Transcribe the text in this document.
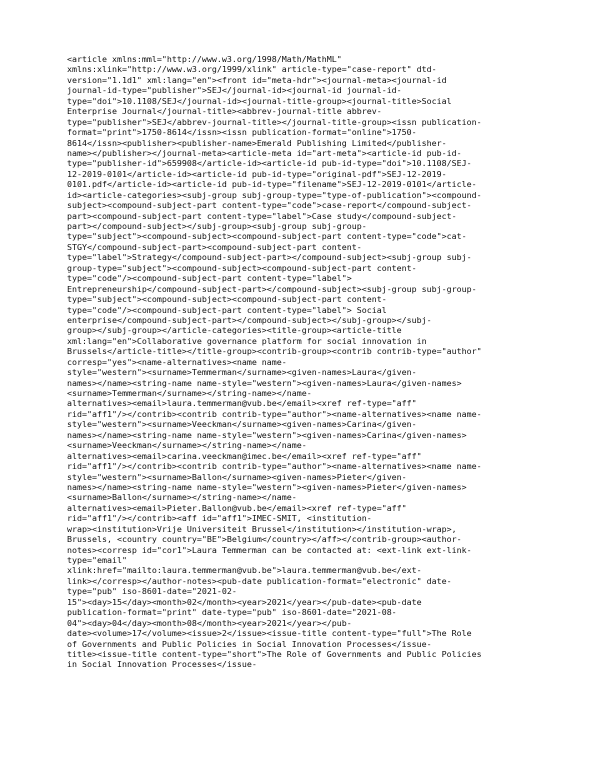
<article xmlns:mml="http://www.w3.org/1998/Math/MathML"
xmlns:xlink="http://www.w3.org/1999/xlink" article-type="case-report" dtd-
version="1.1d1" xml:lang="en"><front id="meta-hdr"><journal-meta><journal-id
journal-id-type="publisher">SEJ</journal-id><journal-id journal-id-
type="doi">10.1108/SEJ</journal-id><journal-title-group><journal-title>Social
Enterprise Journal</journal-title><abbrev-journal-title abbrev-
type="publisher">SEJ</abbrev-journal-title></journal-title-group><issn publication-
format="print">1750-8614</issn><issn publication-format="online">1750-
8614</issn><publisher><publisher-name>Emerald Publishing Limited</publisher-
name></publisher></journal-meta><article-meta id="art-meta"><article-id pub-id-
type="publisher-id">659908</article-id><article-id pub-id-type="doi">10.1108/SEJ-
12-2019-0101</article-id><article-id pub-id-type="original-pdf">SEJ-12-2019-
0101.pdf</article-id><article-id pub-id-type="filename">SEJ-12-2019-0101</article-
id><article-categories><subj-group subj-group-type="type-of-publication"><compound-
subject><compound-subject-part content-type="code">case-report</compound-subject-
part><compound-subject-part content-type="label">Case study</compound-subject-
part></compound-subject></subj-group><subj-group subj-group-
type="subject"><compound-subject><compound-subject-part content-type="code">cat-
STGY</compound-subject-part><compound-subject-part content-
type="label">Strategy</compound-subject-part></compound-subject><subj-group subj-
group-type="subject"><compound-subject><compound-subject-part content-
type="code"/><compound-subject-part content-type="label">
Entrepreneurship</compound-subject-part></compound-subject><subj-group subj-group-
type="subject"><compound-subject><compound-subject-part content-
type="code"/><compound-subject-part content-type="label"> Social
enterprise</compound-subject-part></compound-subject></subj-group></subj-
group></subj-group></article-categories><title-group><article-title
xml:lang="en">Collaborative governance platform for social innovation in
Brussels</article-title></title-group><contrib-group><contrib contrib-type="author"
corresp="yes"><name-alternatives><name name-
style="western"><surname>Temmerman</surname><given-names>Laura</given-
names></name><string-name name-style="western"><given-names>Laura</given-names>
<surname>Temmerman</surname></string-name></name-
alternatives><email>laura.temmerman@vub.be</email><xref ref-type="aff"
rid="aff1"/></contrib><contrib contrib-type="author"><name-alternatives><name name-
style="western"><surname>Veeckman</surname><given-names>Carina</given-
names></name><string-name name-style="western"><given-names>Carina</given-names>
<surname>Veeckman</surname></string-name></name-
alternatives><email>carina.veeckman@imec.be</email><xref ref-type="aff"
rid="aff1"/></contrib><contrib contrib-type="author"><name-alternatives><name name-
style="western"><surname>Ballon</surname><given-names>Pieter</given-
names></name><string-name name-style="western"><given-names>Pieter</given-names>
<surname>Ballon</surname></string-name></name-
alternatives><email>Pieter.Ballon@vub.be</email><xref ref-type="aff"
rid="aff1"/></contrib><aff id="aff1">IMEC-SMIT, <institution-
wrap><institution>Vrije Universiteit Brussel</institution></institution-wrap>,
Brussels, <country country="BE">Belgium</country></aff></contrib-group><author-
notes><corresp id="cor1">Laura Temmerman can be contacted at: <ext-link ext-link-
type="email"
xlink:href="mailto:laura.temmerman@vub.be">laura.temmerman@vub.be</ext-
link></corresp></author-notes><pub-date publication-format="electronic" date-
type="pub" iso-8601-date="2021-02-
15"><day>15</day><month>02</month><year>2021</year></pub-date><pub-date
publication-format="print" date-type="pub" iso-8601-date="2021-08-
04"><day>04</day><month>08</month><year>2021</year></pub-
date><volume>17</volume><issue>2</issue><issue-title content-type="full">The Role
of Governments and Public Policies in Social Innovation Processes</issue-
title><issue-title content-type="short">The Role of Governments and Public Policies
in Social Innovation Processes</issue-
